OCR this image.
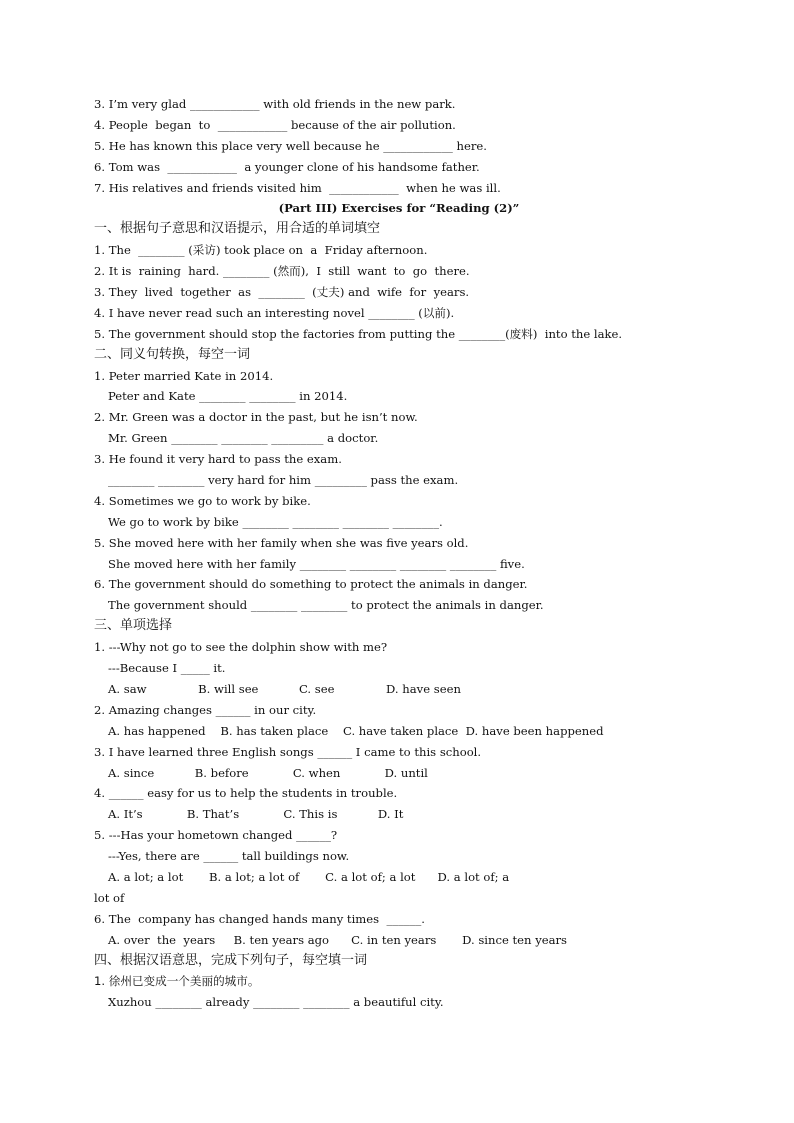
3. I’m very glad ____________ with old friends in the new park.
4. People  began  to  ____________ because of the air pollution.
5. He has known this place very well because he ____________ here.
6. Tom was  ____________  a younger clone of his handsome father.
7. His relatives and friends visited him  ____________  when he was ill.
(Part III) Exercises for “Reading (2)”
一、根据句子意思和汉语提示，用合适的单词填空
1. The  ________ (采访) took place on  a  Friday afternoon.
2. It is  raining  hard. ________ (然而),  I  still  want  to  go  there.
3. They  lived  together  as  ________  (丈夫) and  wife  for  years.
4. I have never read such an interesting novel ________ (以前).
5. The government should stop the factories from putting the ________(废料)  into the lake.
二、同义句转换，每空一词
1. Peter married Kate in 2014.
Peter and Kate ________ ________ in 2014.
2. Mr. Green was a doctor in the past, but he isn’t now.
Mr. Green ________ ________ _________ a doctor.
3. He found it very hard to pass the exam.
________ ________ very hard for him _________ pass the exam.
4. Sometimes we go to work by bike.
We go to work by bike ________ ________ ________ ________.
5. She moved here with her family when she was five years old.
She moved here with her family ________ ________ ________ ________ five.
6. The government should do something to protect the animals in danger.
The government should ________ ________ to protect the animals in danger.
三、单项选择
1. ---Why not go to see the dolphin show with me?
---Because I _____ it.
A. saw              B. will see           C. see              D. have seen
2. Amazing changes ______ in our city.
A. has happened    B. has taken place    C. have taken place  D. have been happened
3. I have learned three English songs ______ I came to this school.
A. since           B. before            C. when            D. until
4. ______ easy for us to help the students in trouble.
A. It’s            B. That’s            C. This is           D. It
5. ---Has your hometown changed ______?
---Yes, there are ______ tall buildings now.
A. a lot; a lot       B. a lot; a lot of       C. a lot of; a lot      D. a lot of; a
lot of
6. The  company has changed hands many times  ______.
A. over  the  years     B. ten years ago      C. in ten years       D. since ten years
四、根据汉语意思，完成下列句子，每空填一词
1. 徐州已变成一个美丽的城市。
Xuzhou ________ already ________ ________ a beautiful city.
